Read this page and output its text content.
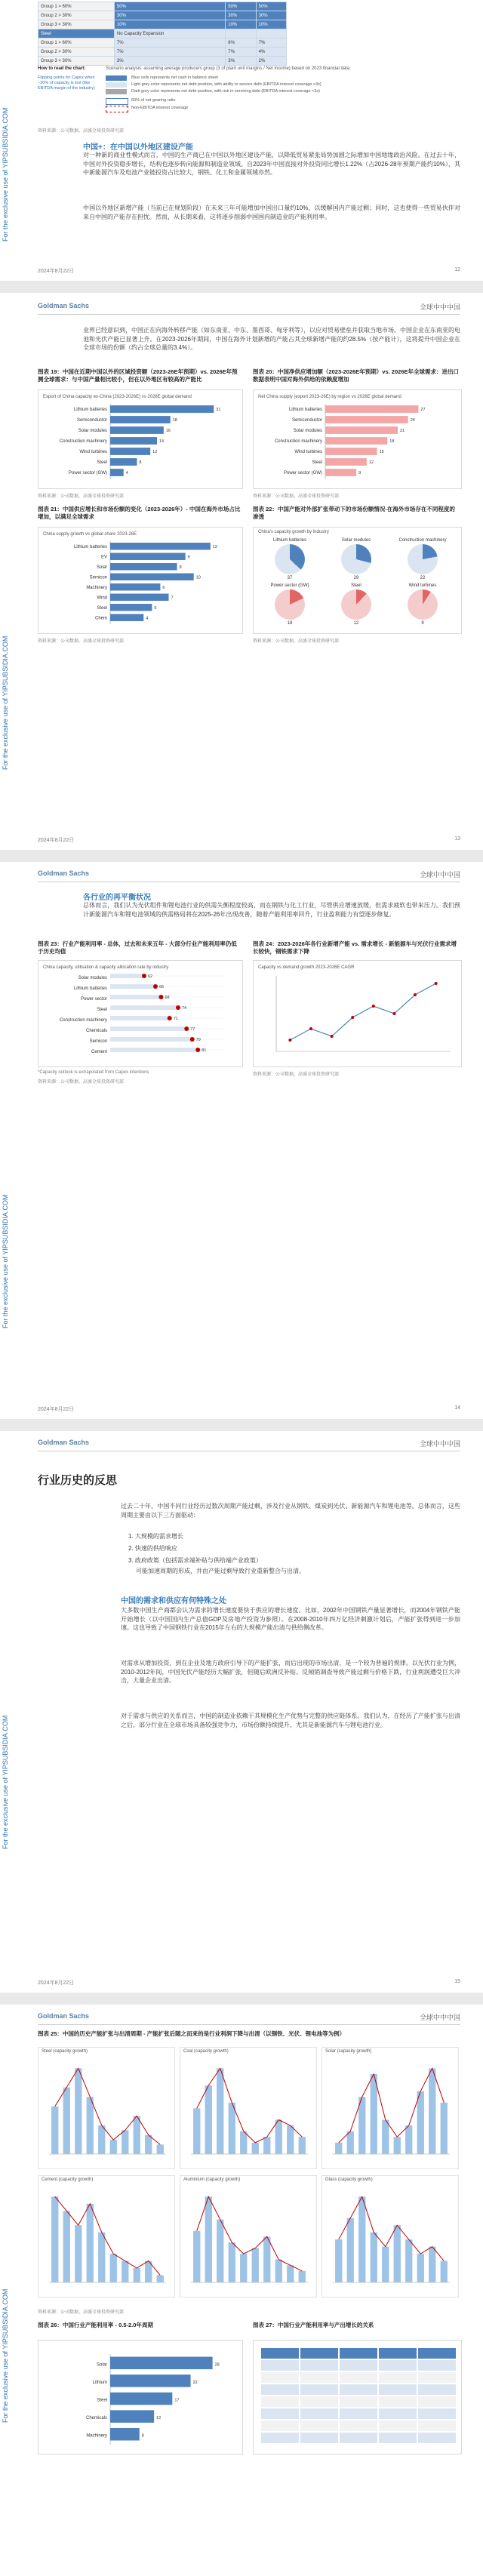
For the exclusive use of YIPSUBSIDIA.COM
For the exclusive use of YIPSUBSIDIA.COM
For the exclusive use of YIPSUBSIDIA.COM
For the exclusive use of YIPSUBSIDIA.COM
For the exclusive use of YIPSUBSIDIA.COM
Group 1 > 60%	50%	50%	50%
Group 2 > 30%	30%	30%	30%
Group 3 < 30%	10%	10%	10%
Steel	No Capacity Expansion		
Group 1 > 60%	7%	8%	7%
Group 2 > 30%	7%	7%	4%
Group 3 < 30%	3%	3%	2%
How to read the chart:	Scenario analysis: assuming average producers group (3 of plant unit margins / Net income) based on 2023 financial data
Flipping points for Capex when ~30% of capacity is lost (like EBITDA margin of the industry)
Blue cells represents net cash in balance sheet
Light grey color represents net debt position, with ability to service debt (EBITDA interest coverage >3x)
Dark grey color represents net debt position, with risk in servicing debt (EBITDA interest coverage <3x)
60% of net gearing ratio
Non-EBITDA interest coverage
资料来源：公司数据，高盛全球投资研究部
中国+：在中国以外地区建设产能
对一种新的商业性模式而言，中国的生产商已在中国以外地区建设产能，以降低贸易紧张局势加剧之际增加中国地缘政治风险。在过去十年，中国对外投资稳步增长，结构也逐步转向能源和制造业领域。自2023年中国直接对外投资同比增长1.22%（占2026-28年预期产能约10%），其中新能源汽车及电池产业链投资占比较大，钢铁、化工和金属领域亦然。
中国以外地区新增产能（当前已在规划阶段）在未来三年可能增加中国出口量约10%，以缓解国内产能过剩；同时，这也使得一些贸易伙伴对来自中国的产能存在担忧。然而，从长期来看，这将逐步削弱中国国内制造业的产能利用率。
2024年8月22日	12
Goldman Sachs	全球中中中国
业界已经意识到，中国正在向海外转移产能（如东南亚、中东、墨西哥、匈牙利等），以应对贸易壁垒并获取当地市场。中国企业在东南亚的电池和光伏产能已显著上升。在2023-2026年期间，中国在海外计划新增的产能占其全球新增产能的约28.5%（按产能计），这将提升中国企业在全球市场的份额（约占全球总量的3.4%）。
图表 19：中国在近期中国以外的区域投资额（2023-26E年预期）vs. 2026E年预测全球需求：与中国产量相比较小，但在以外地区有较高的产能比
图表 20：中国净供应增加额（2023-2026E年预期）vs. 2026E年全球需求：进出口数据表明中国对海外供给的依赖度增加
Export of China capacity ex-China (2023-2026E) vs 2026E global demand
Lithium batteries	31
Semiconductor	18
Solar modules	16
Construction machinery	14
Wind turbines	12
Steel	8
Power sector (GW)	4
Net China supply (export 2023-26E) by region vs 2026E global demand
Lithium batteries	27
Semiconductor	24
Solar modules	21
Construction machinery	18
Wind turbines	15
Steel	12
Power sector (GW)	9
资料来源：公司数据，高盛全球投资研究部	资料来源：公司数据，高盛全球投资研究部
图表 21：中国供应增长和市场份额的变化（2023-2026年）- 中国在海外市场占比增加，以满足全球需求
图表 22：中国产能对外部扩张带动下的市场份额情况-在海外市场存在不同程度的渗透
China supply growth vs global share 2023-26E
Lithium batteries	12
EV	9
Solar	8
Semicon	10
Machinery	6
Wind	7
Steel	5
Chem	4
China's capacity growth by industry
Lithium batteries
37
Solar modules
29
Construction machinery
22
Power sector (GW)
18
Steel
12
Wind turbines
9
资料来源：公司数据，高盛全球投资研究部	资料来源：公司数据，高盛全球投资研究部
2024年8月22日	13
Goldman Sachs	全球中中中国
各行业的再平衡状况
总体而言，我们认为光伏组件和锂电池行业的供需失衡程度较高，而在钢铁与化工行业，尽管供应增速放缓，但需求疲软也带来压力。我们预计新能源汽车和锂电池领域的供需格局将在2025-26年出现改善，随着产能利用率回升，行业盈利能力有望逐步修复。
图表 23：行业产能利用率 - 总体，过去和未来五年 - 大部分行业产能利用率仍低于历史均值
图表 24：2023-2026年各行业新增产能 vs. 需求增长 - 新能源车与光伏行业需求增长较快，钢铁需求下降
China capacity, utilisation & capacity allocation rate by industry
Solar modules	62
Lithium batteries	66
Power sector	68
Steel	74
Construction machinery	71
Chemicals	77
Semicon	79
Cement	81
Capacity vs demand growth 2023-2026E CAGR
*Capacity outlook is extrapolated from Capex intentions
资料来源：公司数据，高盛全球投资研究部
资料来源：公司数据，高盛全球投资研究部
2024年8月22日	14
Goldman Sachs	全球中中中国
行业历史的反思
过去二十年，中国不同行业经历过数次周期产能过剩，涉及行业从钢铁、煤炭到光伏、新能源汽车和锂电池等。总体而言，这些周期主要由以下三方面驱动：
1. 大规模的需求增长
2. 快速的供给响应
3. 政府政策（包括需求端补贴与供给端产业政策）
可能加速周期的形成，并由产能过剩导致行业重新整合与出清。
中国的需求和供应有何特殊之处
大多数中国生产商都会认为需求的增长速度要快于供应的增长速度。比如，2002年中国钢铁产量显著增长，而2004年钢铁产能开始增长（以中国国内生产总值GDP及房地产投资为参照）。在2008-2010年四万亿经济刺激计划后，产能扩张得到进一步加速。这也导致了中国钢铁行业在2015年左右的大规模产能出清与供给侧改革。
对需求从增加投资，到在企业及地方政府引导下的产能扩张，而后出现的市场出清，是一个较为普遍的规律。以光伏行业为例，2010-2012年间，中国光伏产能经历大幅扩张，但随后欧洲反补贴、反倾销调查导致产能过剩与价格下跌，行业利润遭受巨大冲击，大量企业出清。
对于需求与供应的关系而言，中国的制造业依赖于其规模化生产优势与完整的供应链体系。我们认为，在经历了产能扩张与出清之后，部分行业在全球市场具备较强竞争力，市场份额持续提升，尤其是新能源汽车与锂电池行业。
2024年8月22日	15
Goldman Sachs	全球中中中国
图表 25：中国的历史产能扩张与出清周期 - 产能扩张后随之而来的是行业利润下降与出清（以钢铁、光伏、锂电池等为例）
Steel (capacity growth)	Coal (capacity growth)	Solar (capacity growth)
Cement (capacity growth)	Aluminium (capacity growth)	Glass (capacity growth)
资料来源：公司数据，高盛全球投资研究部
图表 26：中国行业产能利用率 - 0.5-2.0年周期	图表 27：中国行业产能利用率与产出增长的关系
Solar	28
Lithium	22
Steel	17
Chemicals	12
Machinery	8
